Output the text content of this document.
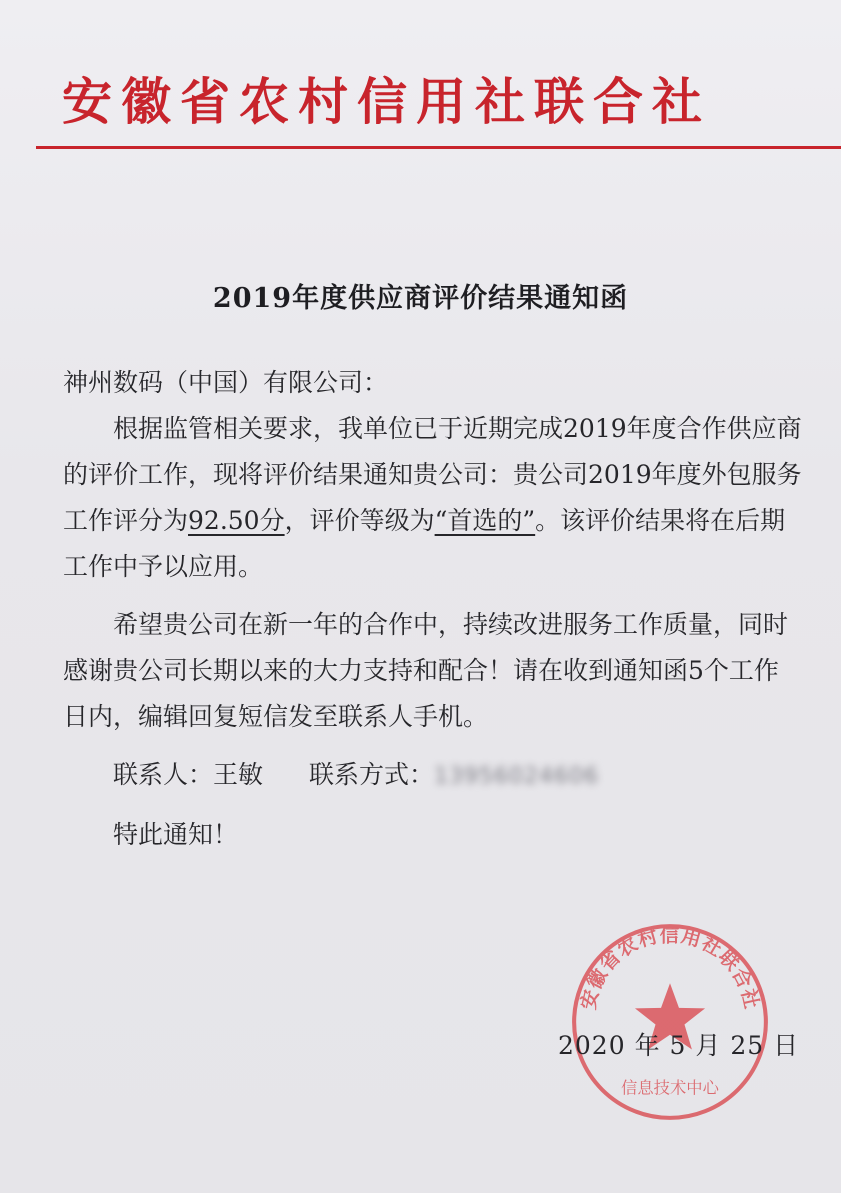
安徽省农村信用社联合社
2019年度供应商评价结果通知函

神州数码（中国）有限公司：

根据监管相关要求，我单位已于近期完成2019年度合作供应商的评价工作，现将评价结果通知贵公司：贵公司2019年度外包服务工作评分为92.50分，评价等级为“首选的”。该评价结果将在后期工作中予以应用。

希望贵公司在新一年的合作中，持续改进服务工作质量，同时感谢贵公司长期以来的大力支持和配合！请在收到通知函5个工作日内，编辑回复短信发至联系人手机。

联系人：王敏 联系方式：13956024606

特此通知！

安徽省农村信用社联合社
信息技术中心
2020 年 5 月 25 日
